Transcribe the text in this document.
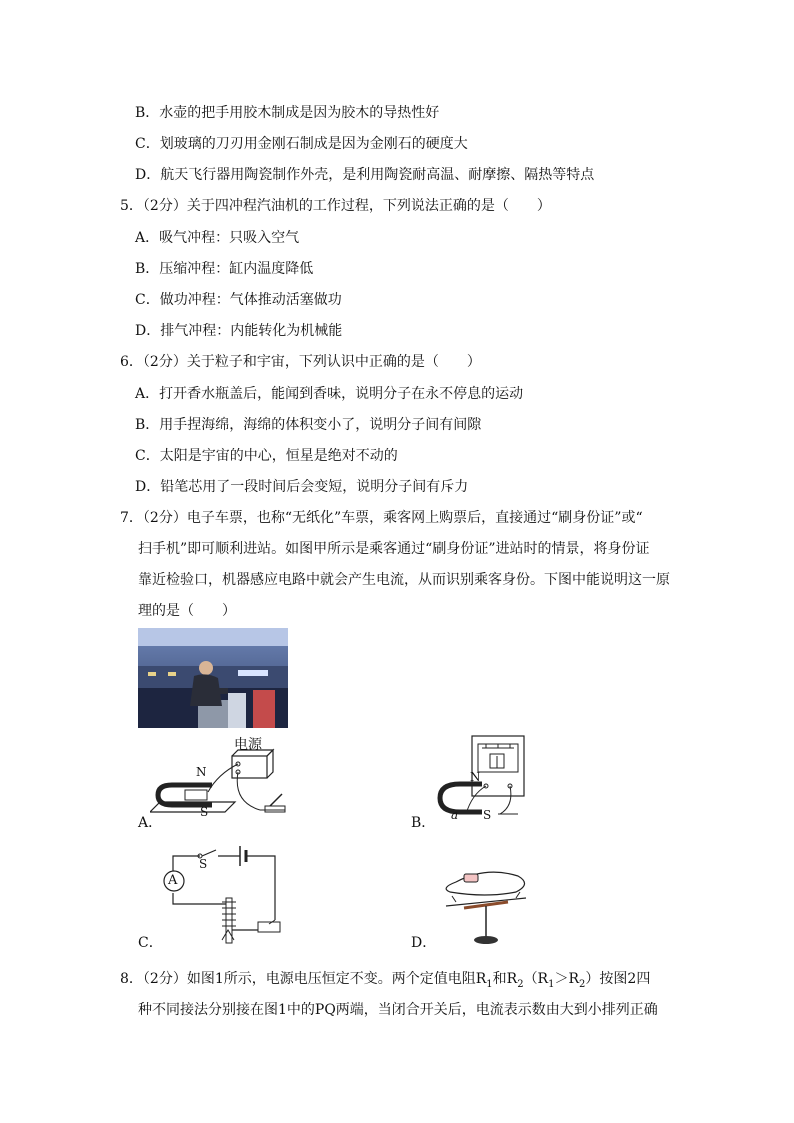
B．水壶的把手用胶木制成是因为胶木的导热性好
C．划玻璃的刀刃用金刚石制成是因为金刚石的硬度大
D．航天飞行器用陶瓷制作外壳，是利用陶瓷耐高温、耐摩擦、隔热等特点
5．（2分）关于四冲程汽油机的工作过程，下列说法正确的是（　　）
A．吸气冲程：只吸入空气
B．压缩冲程：缸内温度降低
C．做功冲程：气体推动活塞做功
D．排气冲程：内能转化为机械能
6．（2分）关于粒子和宇宙，下列认识中正确的是（　　）
A．打开香水瓶盖后，能闻到香味，说明分子在永不停息的运动
B．用手捏海绵，海绵的体积变小了，说明分子间有间隙
C．太阳是宇宙的中心，恒星是绝对不动的
D．铅笔芯用了一段时间后会变短，说明分子间有斥力
7．（2分）电子车票，也称“无纸化”车票，乘客网上购票后，直接通过“刷身份证”或“
扫手机”即可顺利进站。如图甲所示是乘客通过“刷身份证”进站时的情景，将身份证
靠近检验口，机器感应电路中就会产生电流，从而识别乘客身份。下图中能说明这一原
理的是（　　）
电源
N
S
A．
N
S
a
B．
A
S
C．	D．
8．（2分）如图1所示，电源电压恒定不变。两个定值电阻$R_1$和$R_2(R_1>R_2)$按图2四
种不同接法分别接在图1中的PQ两端，当闭合开关后，电流表示数由大到小排列正确
